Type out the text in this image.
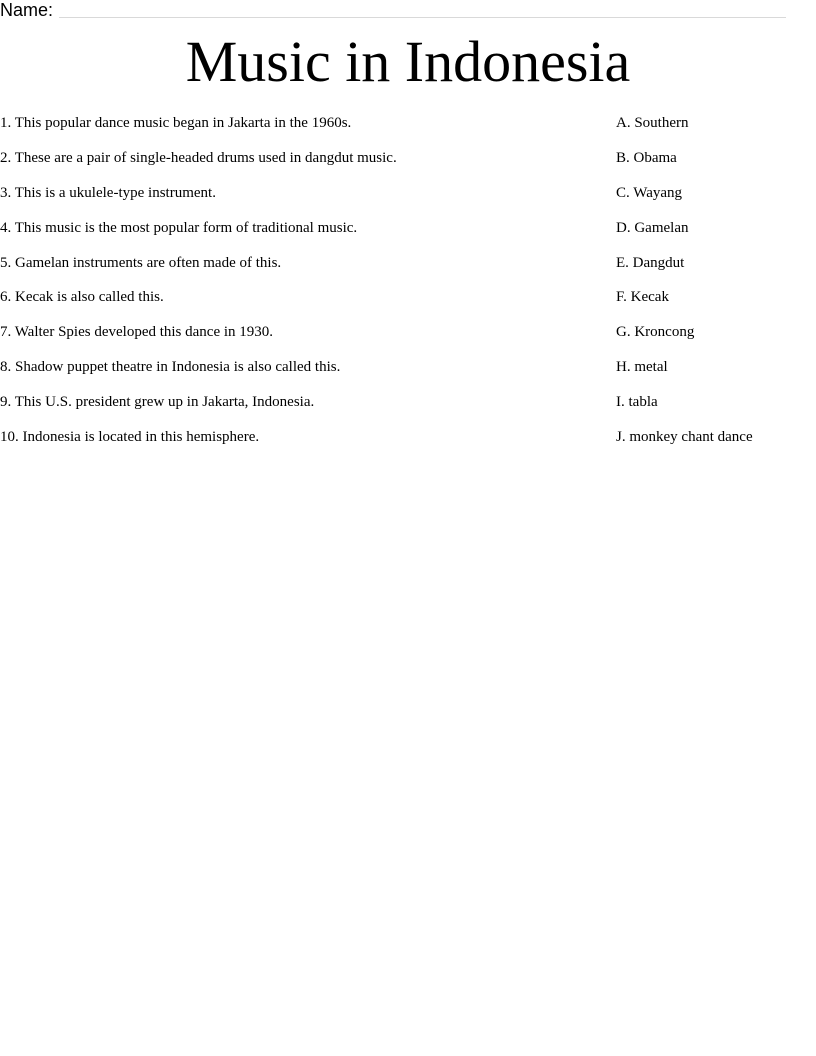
Name:
Music in Indonesia
1. This popular dance music began in Jakarta in the 1960s.	A. Southern
2. These are a pair of single-headed drums used in dangdut music.	B. Obama
3. This is a ukulele-type instrument.	C. Wayang
4. This music is the most popular form of traditional music.	D. Gamelan
5. Gamelan instruments are often made of this.	E. Dangdut
6. Kecak is also called this.	F. Kecak
7. Walter Spies developed this dance in 1930.	G. Kroncong
8. Shadow puppet theatre in Indonesia is also called this.	H. metal
9. This U.S. president grew up in Jakarta, Indonesia.	I. tabla
10. Indonesia is located in this hemisphere.	J. monkey chant dance
